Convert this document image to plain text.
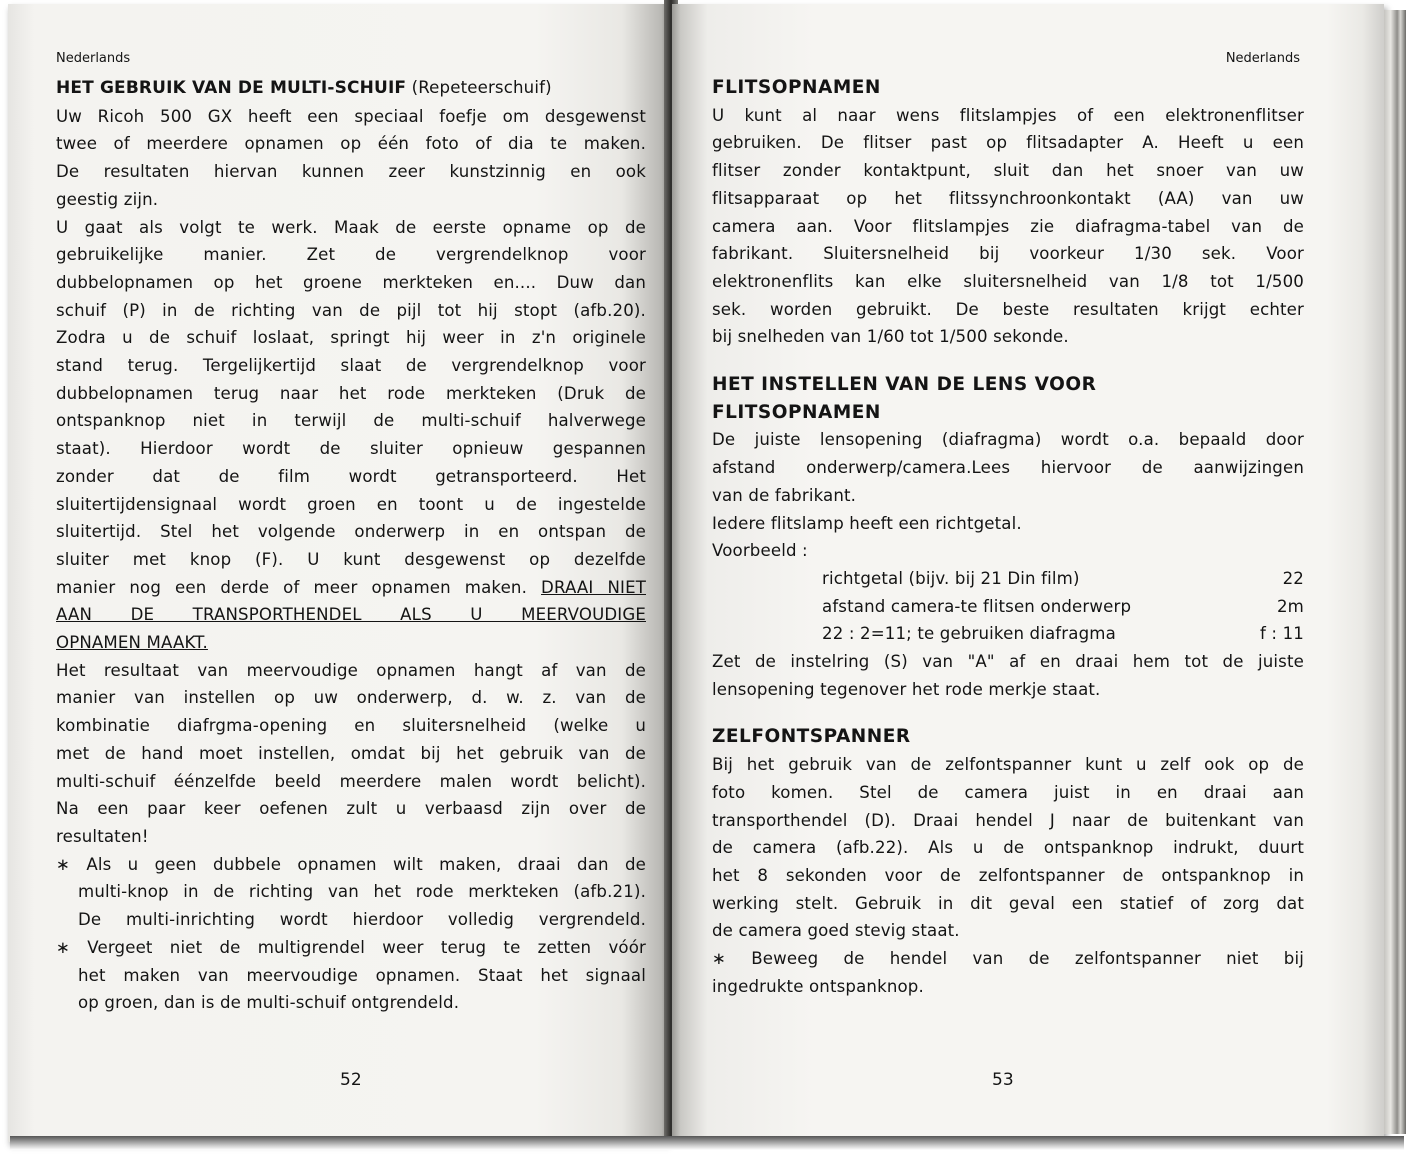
Nederlands
HET GEBRUIK VAN DE MULTI-SCHUIF (Repeteerschuif)
Uw Ricoh 500 GX heeft een speciaal foefje om desgewenst
twee of meerdere opnamen op één foto of dia te maken.
De resultaten hiervan kunnen zeer kunstzinnig en ook
geestig zijn.
U gaat als volgt te werk. Maak de eerste opname op de
gebruikelijke manier. Zet de vergrendelknop voor
dubbelopnamen op het groene merkteken en.... Duw dan
schuif (P) in de richting van de pijl tot hij stopt (afb.20).
Zodra u de schuif loslaat, springt hij weer in z'n originele
stand terug. Tergelijkertijd slaat de vergrendelknop voor
dubbelopnamen terug naar het rode merkteken (Druk de
ontspanknop niet in terwijl de multi-schuif halverwege
staat). Hierdoor wordt de sluiter opnieuw gespannen
zonder dat de film wordt getransporteerd. Het
sluitertijdensignaal wordt groen en toont u de ingestelde
sluitertijd. Stel het volgende onderwerp in en ontspan de
sluiter met knop (F). U kunt desgewenst op dezelfde
manier nog een derde of meer opnamen maken. DRAAI NIET
AAN DE TRANSPORTHENDEL ALS U MEERVOUDIGE
OPNAMEN MAAKT.
Het resultaat van meervoudige opnamen hangt af van de
manier van instellen op uw onderwerp, d. w. z. van de
kombinatie diafrgma-opening en sluitersnelheid (welke u
met de hand moet instellen, omdat bij het gebruik van de
multi-schuif éénzelfde beeld meerdere malen wordt belicht).
Na een paar keer oefenen zult u verbaasd zijn over de
resultaten!
∗ Als u geen dubbele opnamen wilt maken, draai dan de
multi-knop in de richting van het rode merkteken (afb.21).
De multi-inrichting wordt hierdoor volledig vergrendeld.
∗ Vergeet niet de multigrendel weer terug te zetten vóór
het maken van meervoudige opnamen. Staat het signaal
op groen, dan is de multi-schuif ontgrendeld.
52
Nederlands
FLITSOPNAMEN
U kunt al naar wens flitslampjes of een elektronenflitser
gebruiken. De flitser past op flitsadapter A. Heeft u een
flitser zonder kontaktpunt, sluit dan het snoer van uw
flitsapparaat op het flitssynchroonkontakt (AA) van uw
camera aan. Voor flitslampjes zie diafragma-tabel van de
fabrikant. Sluitersnelheid bij voorkeur 1/30 sek. Voor
elektronenflits kan elke sluitersnelheid van 1/8 tot 1/500
sek. worden gebruikt. De beste resultaten krijgt echter
bij snelheden van 1/60 tot 1/500 sekonde.
HET INSTELLEN VAN DE LENS VOOR
FLITSOPNAMEN
De juiste lensopening (diafragma) wordt o.a. bepaald door
afstand onderwerp/camera.Lees hiervoor de aanwijzingen
van de fabrikant.
Iedere flitslamp heeft een richtgetal.
Voorbeeld :
richtgetal (bijv. bij 21 Din film)	22
afstand camera-te flitsen onderwerp	2m
22 : 2=11; te gebruiken diafragma	f : 11
Zet de instelring (S) van "A" af en draai hem tot de juiste
lensopening tegenover het rode merkje staat.
ZELFONTSPANNER
Bij het gebruik van de zelfontspanner kunt u zelf ook op de
foto komen. Stel de camera juist in en draai aan
transporthendel (D). Draai hendel J naar de buitenkant van
de camera (afb.22). Als u de ontspanknop indrukt, duurt
het 8 sekonden voor de zelfontspanner de ontspanknop in
werking stelt. Gebruik in dit geval een statief of zorg dat
de camera goed stevig staat.
∗ Beweeg de hendel van de zelfontspanner niet bij
ingedrukte ontspanknop.
53
